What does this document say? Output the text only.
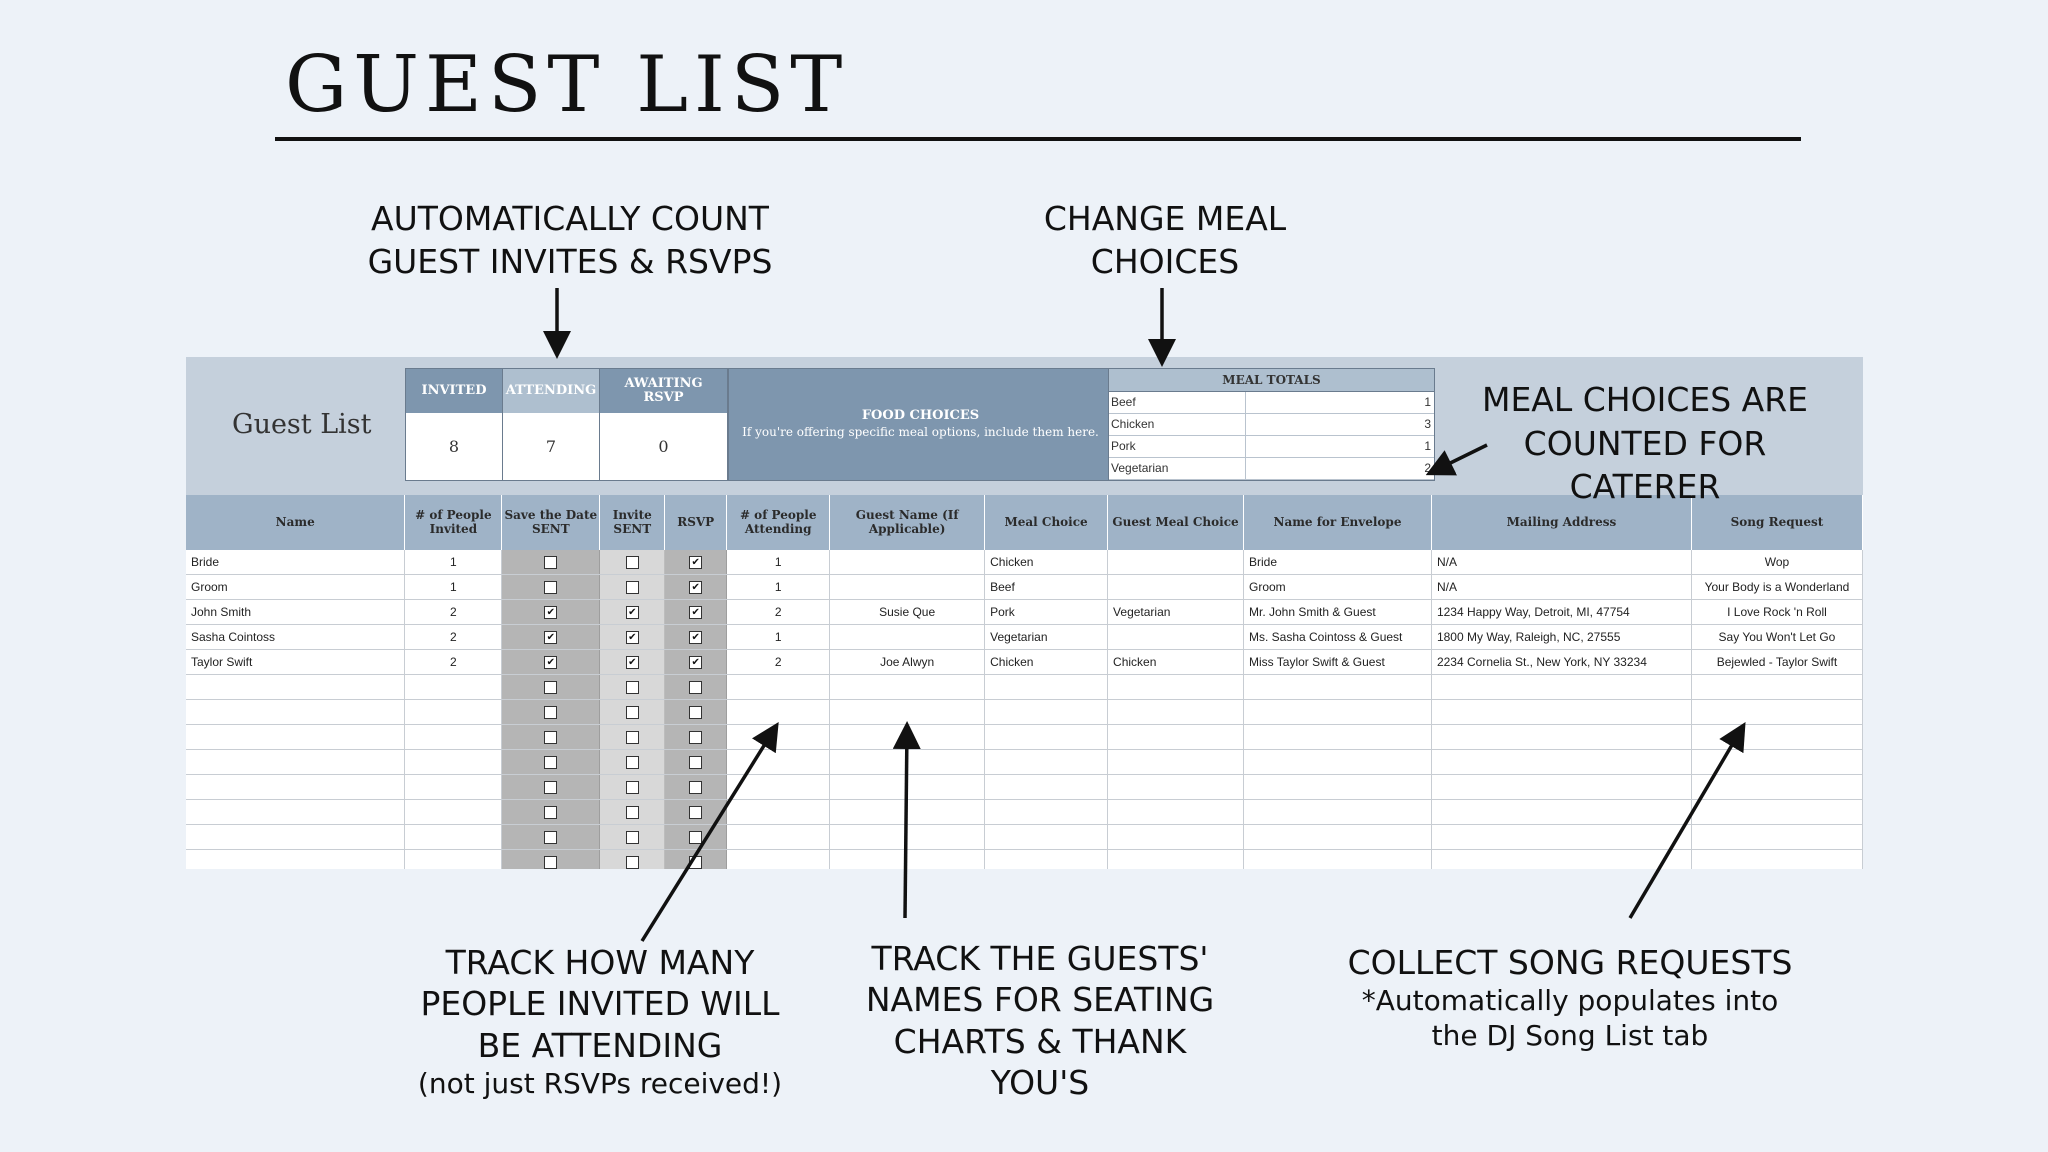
GUEST LIST
AUTOMATICALLY COUNT
GUEST INVITES & RSVPS
CHANGE MEAL
CHOICES
Guest List
INVITED
8
ATTENDING
7
AWAITING RSVP
0
FOOD CHOICES
If you're offering specific meal options, include them here.
MEAL TOTALS
Beef	1
Chicken	3
Pork	1
Vegetarian	2
Name	# of People Invited	Save the Date SENT	Invite SENT	RSVP	# of People Attending	Guest Name (If Applicable)	Meal Choice	Guest Meal Choice	Name for Envelope	Mailing Address	Song Request
Bride	1			✔	1		Chicken		Bride	N/A	Wop
Groom	1			✔	1		Beef		Groom	N/A	Your Body is a Wonderland
John Smith	2	✔	✔	✔	2	Susie Que	Pork	Vegetarian	Mr. John Smith & Guest	1234 Happy Way, Detroit, MI, 47754	I Love Rock 'n Roll
Sasha Cointoss	2	✔	✔	✔	1		Vegetarian		Ms. Sasha Cointoss & Guest	1800 My Way, Raleigh, NC, 27555	Say You Won't Let Go
Taylor Swift	2	✔	✔	✔	2	Joe Alwyn	Chicken	Chicken	Miss Taylor Swift & Guest	2234 Cornelia St., New York, NY 33234	Bejewled - Taylor Swift

MEAL CHOICES ARE
COUNTED FOR
CATERER
TRACK HOW MANY
PEOPLE INVITED WILL
BE ATTENDING
(not just RSVPs received!)
TRACK THE GUESTS'
NAMES FOR SEATING
CHARTS & THANK
YOU'S
COLLECT SONG REQUESTS
*Automatically populates into
the DJ Song List tab
